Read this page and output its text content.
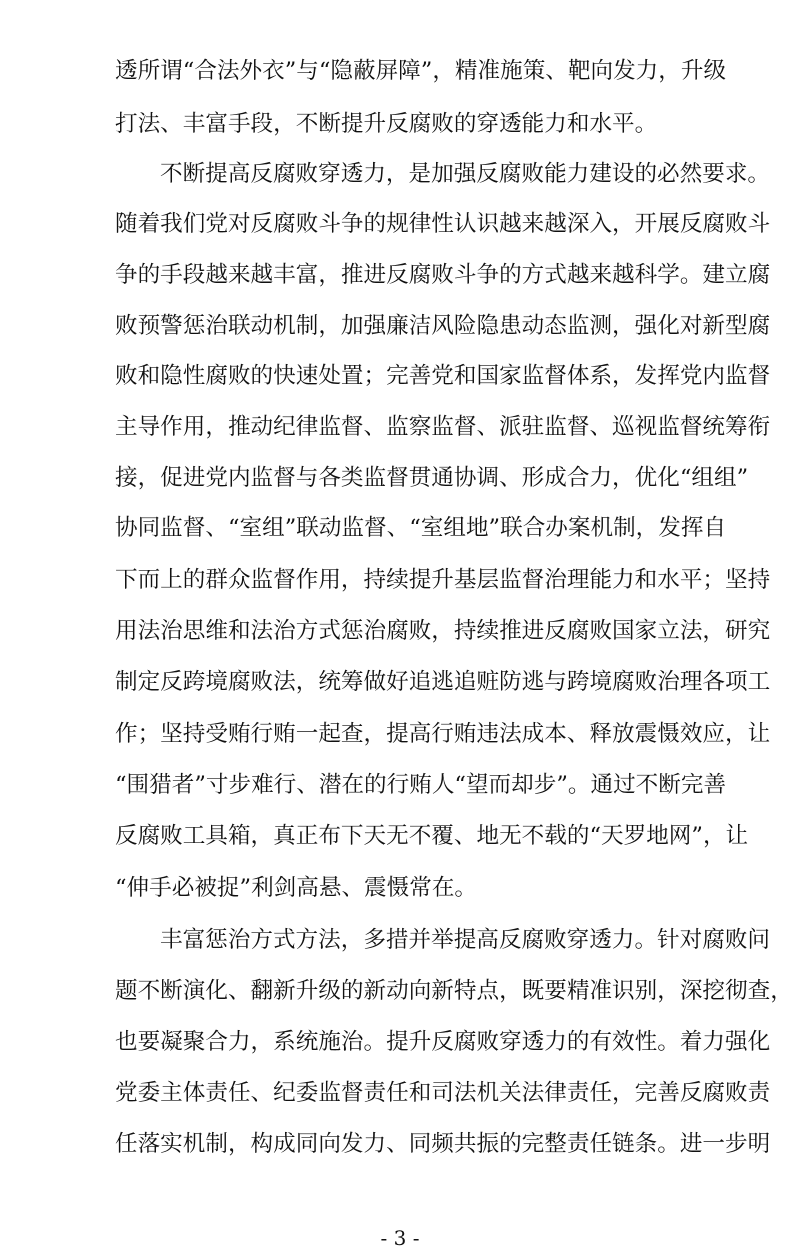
透所谓“合法外衣”与“隐蔽屏障”，精准施策、靶向发力，升级
打法、丰富手段，不断提升反腐败的穿透能力和水平。
不断提高反腐败穿透力，是加强反腐败能力建设的必然要求。
随着我们党对反腐败斗争的规律性认识越来越深入，开展反腐败斗
争的手段越来越丰富，推进反腐败斗争的方式越来越科学。建立腐
败预警惩治联动机制，加强廉洁风险隐患动态监测，强化对新型腐
败和隐性腐败的快速处置；完善党和国家监督体系，发挥党内监督
主导作用，推动纪律监督、监察监督、派驻监督、巡视监督统筹衔
接，促进党内监督与各类监督贯通协调、形成合力，优化“组组”
协同监督、“室组”联动监督、“室组地”联合办案机制，发挥自
下而上的群众监督作用，持续提升基层监督治理能力和水平；坚持
用法治思维和法治方式惩治腐败，持续推进反腐败国家立法，研究
制定反跨境腐败法，统筹做好追逃追赃防逃与跨境腐败治理各项工
作；坚持受贿行贿一起查，提高行贿违法成本、释放震慑效应，让
“围猎者”寸步难行、潜在的行贿人“望而却步”。通过不断完善
反腐败工具箱，真正布下天无不覆、地无不载的“天罗地网”，让
“伸手必被捉”利剑高悬、震慑常在。
丰富惩治方式方法，多措并举提高反腐败穿透力。针对腐败问
题不断演化、翻新升级的新动向新特点，既要精准识别，深挖彻查，
也要凝聚合力，系统施治。提升反腐败穿透力的有效性。着力强化
党委主体责任、纪委监督责任和司法机关法律责任，完善反腐败责
任落实机制，构成同向发力、同频共振的完整责任链条。进一步明
- 3 -
